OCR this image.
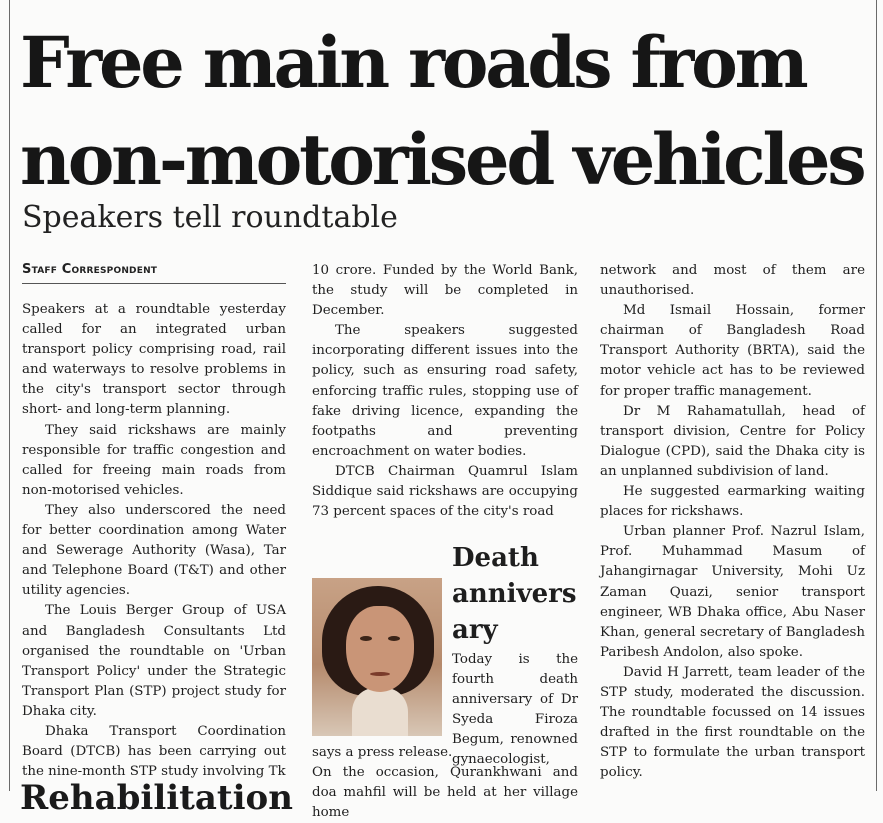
Free main roads from
non-motorised vehicles
Speakers tell roundtable
Staff Correspondent

Speakers at a roundtable yesterday called for an integrated urban transport policy comprising road, rail and waterways to resolve problems in the city's transport sector through short- and long-term planning.

They said rickshaws are mainly responsible for traffic congestion and called for freeing main roads from non-motorised vehicles.

They also underscored the need for better coordination among Water and Sewerage Authority (Wasa), Tar and Telephone Board (T&T) and other utility agencies.

The Louis Berger Group of USA and Bangladesh Consultants Ltd organised the roundtable on 'Urban Transport Policy' under the Strategic Transport Plan (STP) project study for Dhaka city.

Dhaka Transport Coordination Board (DTCB) has been carrying out the nine-month STP study involving Tk

10 crore. Funded by the World Bank, the study will be completed in December.

The speakers suggested incorporating different issues into the policy, such as ensuring road safety, enforcing traffic rules, stopping use of fake driving licence, expanding the footpaths and preventing encroachment on water bodies.

DTCB Chairman Quamrul Islam Siddique said rickshaws are occupying 73 percent spaces of the city's road

network and most of them are unauthorised.

Md Ismail Hossain, former chairman of Bangladesh Road Transport Authority (BRTA), said the motor vehicle act has to be reviewed for proper traffic management.

Dr M Rahamatullah, head of transport division, Centre for Policy Dialogue (CPD), said the Dhaka city is an unplanned subdivision of land.

He suggested earmarking waiting places for rickshaws.

Urban planner Prof. Nazrul Islam, Prof. Muhammad Masum of Jahangirnagar University, Mohi Uz Zaman Quazi, senior transport engineer, WB Dhaka office, Abu Naser Khan, general secretary of Bangladesh Paribesh Andolon, also spoke.

David H Jarrett, team leader of the STP study, moderated the discussion. The roundtable focussed on 14 issues drafted in the first roundtable on the STP to formulate the urban transport policy.

Death
annivers
ary

Today is the fourth death anniversary of Dr Syeda Firoza Begum, renowned gynaecologist,

says a press release.

On the occasion, Qurankhwani and doa mahfil will be held at her village home

Rehabilitation
